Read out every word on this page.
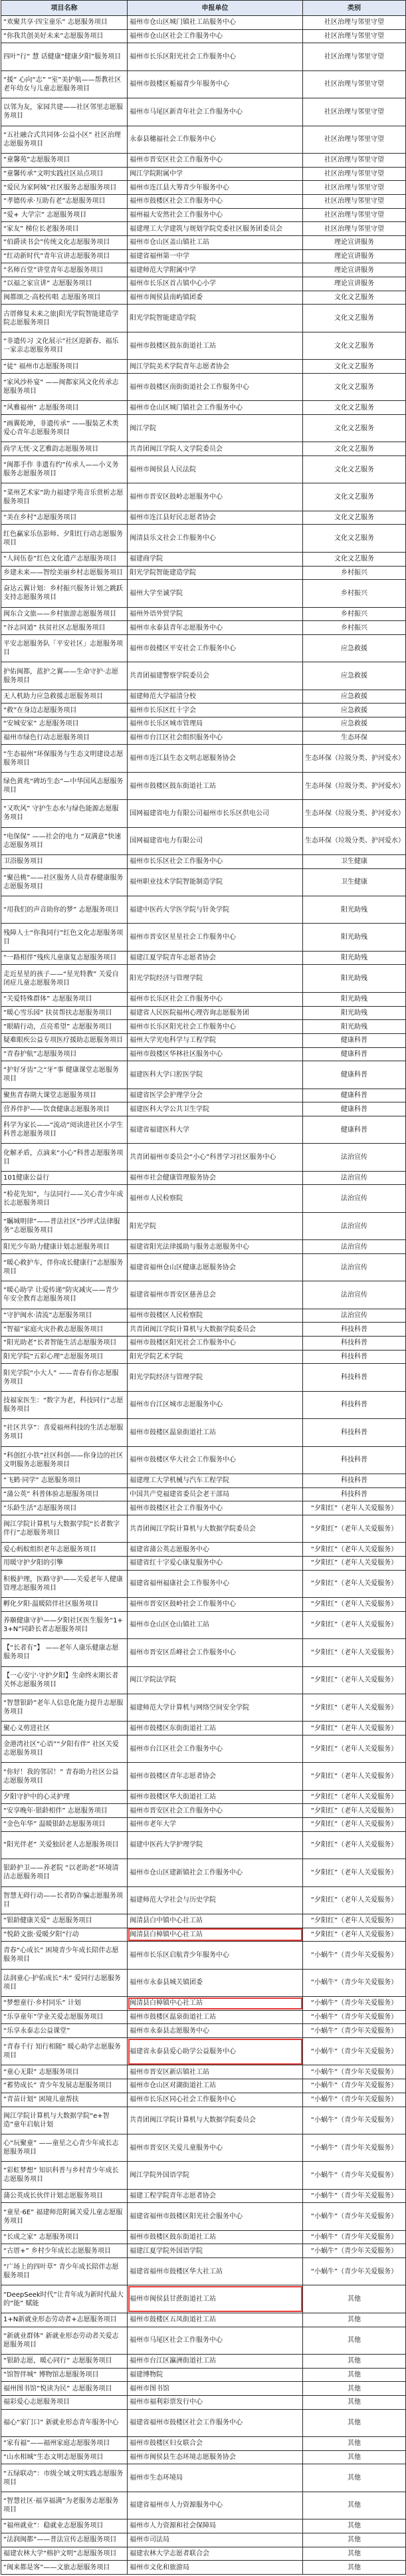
项目名称	申报单位	类别
“欢聚共享·四宝童乐” 志愿服务项目	福州市仓山区城门镇社工站服务中心	社区治理与邻里守望
“你我共创美好未来”志愿服务项目	福州市仓山区社会工作服务中心	社区治理与邻里守望
四叶”行“ 慧 话健康“健康夕阳”服务项目	福州市长乐区阳光社会工作服务中心	社区治理与邻里守望
“援” 心向“志” “室”美护航——帮教社区老年幼女与儿童志愿服务项目	福州市鼓楼区栀福青少年服务中心	社区治理与邻里守望
以邻为友，家园共建——社区邻里志愿服务项目	福州市马尾区新青年社会工作服务中心	社区治理与邻里守望
“五社融合式共同体·公益小区” 社区治理志愿服务项目	永泰县穗福社会工作服务中心	社区治理与邻里守望
“童馨苑”志愿服务项目	福州市晋安区社会工作服务中心	社区治理与邻里守望
“童馨传承”文明实践社区站点项目	闽江学院附属中学	社区治理与邻里守望
“爱民为家阿姨”社区服务志愿服务项目	福州市连江县大筹青少年服务中心	社区治理与邻里守望
“孝德传承·互助有老”志愿服务项目	福州市鼓楼区社会工作服务中心	社区治理与邻里守望
“爱+ 大学宗” 志愿服务项目	福州福大安然社会工作服务中心	社区治理与邻里守望
“家友” 梯位长老服务项目	福建理工大学建筑与规划学院党委社区服务团委员会	社区治理与邻里守望
“伯爵读书会”传统文化志愿服务项目	福州市仓山区盖山镇社工站	理论宣讲服务
“红动新时代”青年宣讲志愿服务项目	福建省福州第一中学	理论宣讲服务
“名师百堂”讲堂青年志愿服务项目	福建师范大学附属中学	理论宣讲服务
“以福之家宣讲” 志愿服务项目	福州市长乐区首占镇中心小学	理论宣讲服务
闽都颂之·高校传唱 志愿服务项目	福州市闽侯县南屿镇团委	文化文艺服务
古厝修复未来之旅|阳光学院智能建造学院志愿服务项目	阳光学院智能建造学院	文化文艺服务
“非遗传习 文化展示”社区迎新春、福乐一家亲志愿服务项目	福州市鼓楼区鼓东街道社工站	文化文艺服务
“徒” 福州市志愿服务项目	闽江学院美术学院青年志愿者协会	文化文艺服务
“家风沙朴宴” ——闽都家风文化传承志愿服务项目	福州市鼓楼区南街街道社会工作服务中心	文化文艺服务
“风雅福州” 志愿服务项目	福州市仓山区城门镇社会工作服务中心	文化文艺服务
“画翼乾坤，非遗传承” ——服装艺术类爱心青年志愿服务项目	闽江学院	文化文艺服务
尚学无忧·文艺雅韵志愿服务项目	共青团闽江学院人文学院委员会	文化文艺服务
“闽都手作 非遗有约”传承人——小义务服务志愿服务项目	福州市闽侯县人民法院	文化文艺服务
“菜州艺术家”助力福建学苑音乐赏析志愿服务项目	福州市晋安区鼓岭志愿服务中心	文化文艺服务
“美在乡村”志愿服务项目	福州市连江县好民志愿者协会	文化文艺服务
红色赢家乐伍影师、夕阳红行动志愿服务项目	闽清县乐文社会工作服务中心	文化文艺服务
“人间伍卷”红色文化遗产志愿服务项目	福建商学院	文化文艺服务
乡建未来——智绘美丽乡村志愿服务项目	阳光学院智能建造学院	乡村振兴
奋达云翼计划：乡村振兴服务计划之跳跃支持志愿服务项目	福州大学至诚学院	乡村振兴
闽东合文旅——乡村旅游志愿服务项目	福州外语外贸学院	乡村振兴
“谷志同道” 扶贫社区志愿服务项目	福州市永泰县青年志愿服务中心	乡村振兴
平安志愿服务队「平安社区」志愿服务项目	福州市鼓楼区平安社会工作服务中心	应急救援
护佑闽都，蓝护之翼——生命守护·志愿服务项目	共青团福建警察学院委员会	应急救援
无人机助力应急救援志愿服务项目	福建师范大学福清分校	应急救援
“救”在身边志愿服务项目	福州市长乐区红十字会	应急救援
“安城安家” 志愿服务项目	福州市长乐区城市管理局	应急救援
福州市绿色行动志愿服务项目	福州市台江区社会组织服务中心	生态环保
“生态福州”环保服务与生态文明建设志愿服务项目	福州市连江县生态文明志愿服务协会	生态环保（垃圾分类、护河爱水）
绿色黄兆“碑坊生态”—中华国风志愿服务项目	福州市鼓楼区鼓东街道社工站	生态环保（垃圾分类、护河爱水）
“又吹风” 守护生态水与绿色能源志愿服务项目	国网福建省电力有限公司福州市长乐区供电公司	生态环保（垃圾分类、护河爱水）
“电保保” ——社会的电力 “双满意”快速志愿服务项目	国网福建省电力有限公司	生态环保（垃圾分类、护河爱水）
卫浴服务项目	福州市长乐区社会工作服务中心	卫生健康
“聚邑桃”——社区服务人员青春健康服务志愿服务项目	福州职业技术学院智能制造学院	卫生健康
“用我们的声音助你的梦” 志愿服务项目	福建中医药大学医学院与针灸学院	阳光助残
残障人士“你我同行”红色文化志愿服务项目	福州市晋安区星星社会工作服务中心	阳光助残
“一路相伴”残疾儿童康复志愿服务项目	福建江夏学院青年志愿者协会	阳光助残
走近星星的孩子——“星光特教” 关爱自闭症儿童志愿服务项目	阳光学院经济与管理学院	阳光助残
“关爱特殊群体” 志愿服务项目	福州市长乐区社会工作服务中心	阳光助残
“暖心雪乐园” 扶贫帮扶志愿服务项目	福建省人民医院福州心理咨询志愿服务团	阳光助残
“眼睛行动，点亮希望” 志愿服务项目	福州市长乐区阳光社会工作服务中心	阳光助残
疑难眼疾公益专项医疗援助志愿服务项目	福州大学光电科学与工程学院	健康科普
“青春护航”志愿服务项目	福州市鼓楼区华林社区服务中心	健康科普
“护好牙齿”之“牙”事 健康课堂志愿服务项目	福建医科大学口腔医学院	健康科普
聚焦青春期大课堂志愿服务项目	福建省医学会护理学分会	健康科普
营养伴护——饮食健康志愿服务项目	福建医科大学公共卫生学院	健康科普
科学为家长——“流动”阅读进社区小学生科普志愿服务项目	福建省福建医科大学	健康科普
化解矛盾，点滴来“小心”科普志愿服务项目	共青团福州市委员会“小心”科普学习社区服务中心	法治宣传
101健康公益行	福州市社会健康管理服务协会	法治宣传
“检花先知”，与法同行——关心青少年成长志愿服务项目	福州市人民检察院	法治宣传
“瞩城明律”——普法社区“沙坪式法律服务”志愿服务项目	阳光学院	法治宣传
阳光少年助力健康计划志愿服务项目	福建省阳光法律援助与服务志愿服务中心	法治宣传
“暖心救护车，伴你成长健康行”志愿服务项目	福建省福州仓山区健康志愿服务协会	法治宣传
“暖心助学 让爱传递”防灾减灾——青少年安全教育志愿服务项目	福建省福州市晋安区慈善总会	法治宣传
“守护闽水·清流”志愿服务项目	福州市鼓楼区人民检察院	法治宣传
“智福”家庭火灾扑救志愿服务项目	共青团闽江学院计算机与大数据学院委员会	科技科普
“阳光助老”长者智能生活志愿服务项目	福州市鼓楼区阳光社会工作服务中心	科技科普
阳光学院“五彩心理”志愿服务项目	阳光学院艺术学院	科技科普
阳光学院“小大人” ——青春有你志愿服务项目	阳光学院经济与管理学院	科技科普
技福家医生：“数字为老，科技同行”志愿服务项目	福州市台江区城市志愿服务中心	科技科普
“社区共享”：喜爱福州科技的生活志愿服务项目	福州市鼓楼区温泉街道社工站	科技科普
“科创红小铁”社区科创——你身边的社区文明服务志愿服务项目	福州市鼓楼区华大社会工作服务中心	科技科普
“飞鹤·同学” 志愿服务项目	福建理工大学机械与汽车工程学院	科技科普
“蒲公英” 科普体验志愿服务项目	中国共产党福建省委员会老干部局	科技科普
“乐龄生活”志愿服务项目	福州市鼓楼区社会工作服务中心	“夕阳红”（老年人关爱服务）
闽江学院计算机与大数据学院“长者数字伴行”志愿服务项目	共青团闽江学院计算机与大数据学院委员会	“夕阳红”（老年人关爱服务）
爱心蚂蚁组织老年志愿服务项目	福建省蒲公英志愿服务中心	“夕阳红”（老年人关爱服务）
用暖守护夕阳的引擎	福建省红十字爱心康复服务中心	“夕阳红”（老年人关爱服务）
积极护理，医路守护——关爱老年人健康管理志愿服务项目	福建省福州福康社会工作服务中心	“夕阳红”（老年人关爱服务）
孵化夕阳·温暖陪伴社区服务项目	福州市晋安区鼓岭社会工作服务中心	“夕阳红”（老年人关爱服务）
养颐健康守护——夕阳社区医生服务“1+3+N”同龄长者志愿服务项目	福州市仓山区仓山镇社工站	“夕阳红”（老年人关爱服务）
【“长者有”】 ——老年人康乐健康志愿服务项目	福州市晋安区岳峰社会工作服务中心	“夕阳红”（老年人关爱服务）
【一心安宁·守护夕阳】生命终末期长者关怀志愿服务项目	闽江学院法学院	“夕阳红”（老年人关爱服务）
“智慧银龄”老年人信息化能力提升志愿服务项目	福建师范大学计算机与网络空间安全学院	“夕阳红”（老年人关爱服务）
聚心义剪进社区	福州市鼓楼区东街街道社工站	“夕阳红”（老年人关爱服务）
金港湾社区“心语”“夕阳有伴” 社区关爱志愿服务项目	福州市台江区社会工作服务中心	“夕阳红”（老年人关爱服务）
“你好！我的邻居！” 青春助力社区公益志愿服务项目	福州市鼓楼区青年志愿者协会	“夕阳红”（老年人关爱服务）
夕阳守护中的心灵护理	福州市鼓楼区华大街道社工站	“夕阳红”（老年人关爱服务）
“安享晚年·银龄相伴” 志愿服务项目	福州市晋安区社会工作服务中心	“夕阳红”（老年人关爱服务）
“金色年华” 温暖银龄志愿服务项目	福州市老年大学	“夕阳红”（老年人关爱服务）
“阳光伴老” 关爱独居老人志愿服务项目	福建中医药大学护理学院	“夕阳红”（老年人关爱服务）
银龄护卫——养老院 “以老助老”环境清洁志愿服务项目	福州市仓山区建新镇社会工作服务中心	“夕阳红”（老年人关爱服务）
智慧无碍行动——长者防诈骗志愿服务项目	福建师范大学社会与历史学院	“夕阳红”（老年人关爱服务）
“银龄健康关爱” 志愿服务项目	闽清县白中镇中心社工站	“夕阳红”（老年人关爱服务）
“悦龄文旅·爱暖夕阳”行动	闽清县白樟镇中心社工站	“夕阳红”（老年人关爱服务）
青春“心成长” 困境青少年成长陪伴志愿服务项目	福州市长乐区启航青少年服务中心	“小蜗牛”（青少年关爱服务）
法润童心·护佑成长“未” 爱同行志愿服务项目	福州市永泰县城关镇团委	“小蜗牛”（青少年关爱服务）
“梦想童行·乡村同乐” 计划	闽清县白樟镇中心社工站	“小蜗牛”（青少年关爱服务）
“乐享童年”学业关爱志愿服务项目	福州市鼓楼区温泉街道社工站	“小蜗牛”（青少年关爱服务）
“乐享永泰志公益课堂”	福州市永泰县志愿服务中心	“小蜗牛”（青少年关爱服务）
“青春千行 知行相随” 暖心助学志愿服务项目	福建省永泰县爱心助学公益服务中心	“小蜗牛”（青少年关爱服务）
“童心无限” 志愿服务项目	福州市晋安区新店镇社工站	“小蜗牛”（青少年关爱服务）
“蓄势成长” 青少年发展志愿服务项目	福州市仓山区对湖街道社工站	“小蜗牛”（青少年关爱服务）
“青苗计划” 困境儿童帮扶	福州市长乐区同心社会工作服务中心	“小蜗牛”（青少年关爱服务）
闽江学院计算机与大数据学院“e+智造”童年启航计划	共青团闽江学院计算机与大数据学院委员会	“小蜗牛”（青少年关爱服务）
心“玩聚童” ——童星之心青少年成长志愿服务项目	福州市晋安区关爱儿童服务中心	“小蜗牛”（青少年关爱服务）
“彩虹梦想” 知识科普与乡村青少年成长志愿服务项目	闽江学院外国语学院	“小蜗牛”（青少年关爱服务）
蒲公英成长伙伴计划志愿服务项目	福建工程学院青年志愿者协会	“小蜗牛”（青少年关爱服务）
“童星·6E” 福建师范附属关爱儿童志愿服务项目	福建省福州市鼓楼区阳光社会服务中心	“小蜗牛”（青少年关爱服务）
“长成之家” 志愿服务项目	福州市鼓楼区鼓东街道社工站	“小蜗牛”（青少年关爱服务）
“古厝+” 乡村少年成长志愿服务项目	福建江夏学院外国语学院	“小蜗牛”（青少年关爱服务）
“广场上的四叶草” 青少年成长陪伴志愿服务项目	福建省福州市鼓楼区华大社工站	“小蜗牛”（青少年关爱服务）
“DeepSeek时代”让青年成为新时代最大的“能” 赋能	福州市闽侯县甘蔗街道社工站	其他
1+N新就业形态劳动者+志愿服务项目	福州市鼓楼区五凤街道社工站	其他
“新就业群体” 新就业形态劳动者关爱志愿服务项目	福州市马尾区社会工作服务中心	其他
“银龄志愿，暖心同行” 志愿服务项目	福州市台江区瀛洲街道社工站	其他
“馆智伴城” 博物馆志愿服务项目	福建博物院	其他
福州图书馆“悦读为民” 志愿服务项目	福州市图书馆	其他
福彩爱心志愿服务项目	福州市福利彩票发行中心	其他
福心“家门口” 新就业形态青年服务中心	福建省福州市鼓楼区社会工作服务中心	其他
“家有福”——福州家庭志愿服务项目	福州市鼓楼区妇女联合会	其他
“山水相城”生态文明志愿服务项目	福州市闽侯县生态环境志愿服务协会	其他
“五绿联动”：市级全域文明实践志愿服务项目	福州市生态环境局	其他
“智慧社区·福享福满”为老服务志愿服务项目	福建省福州市人力资源服务中心	其他
“福州就业”：稳就业志愿服务项目	福州市人力资源和社会保障局	其他
“法润闽都”——普法宣传志愿服务项目	福州市司法局	其他
福建农林大学“榕护文明”志愿服务项目	福建农林大学志愿者联合会	其他
“闽来都是客”——文旅志愿服务项目	福州市文化和旅游局	其他
